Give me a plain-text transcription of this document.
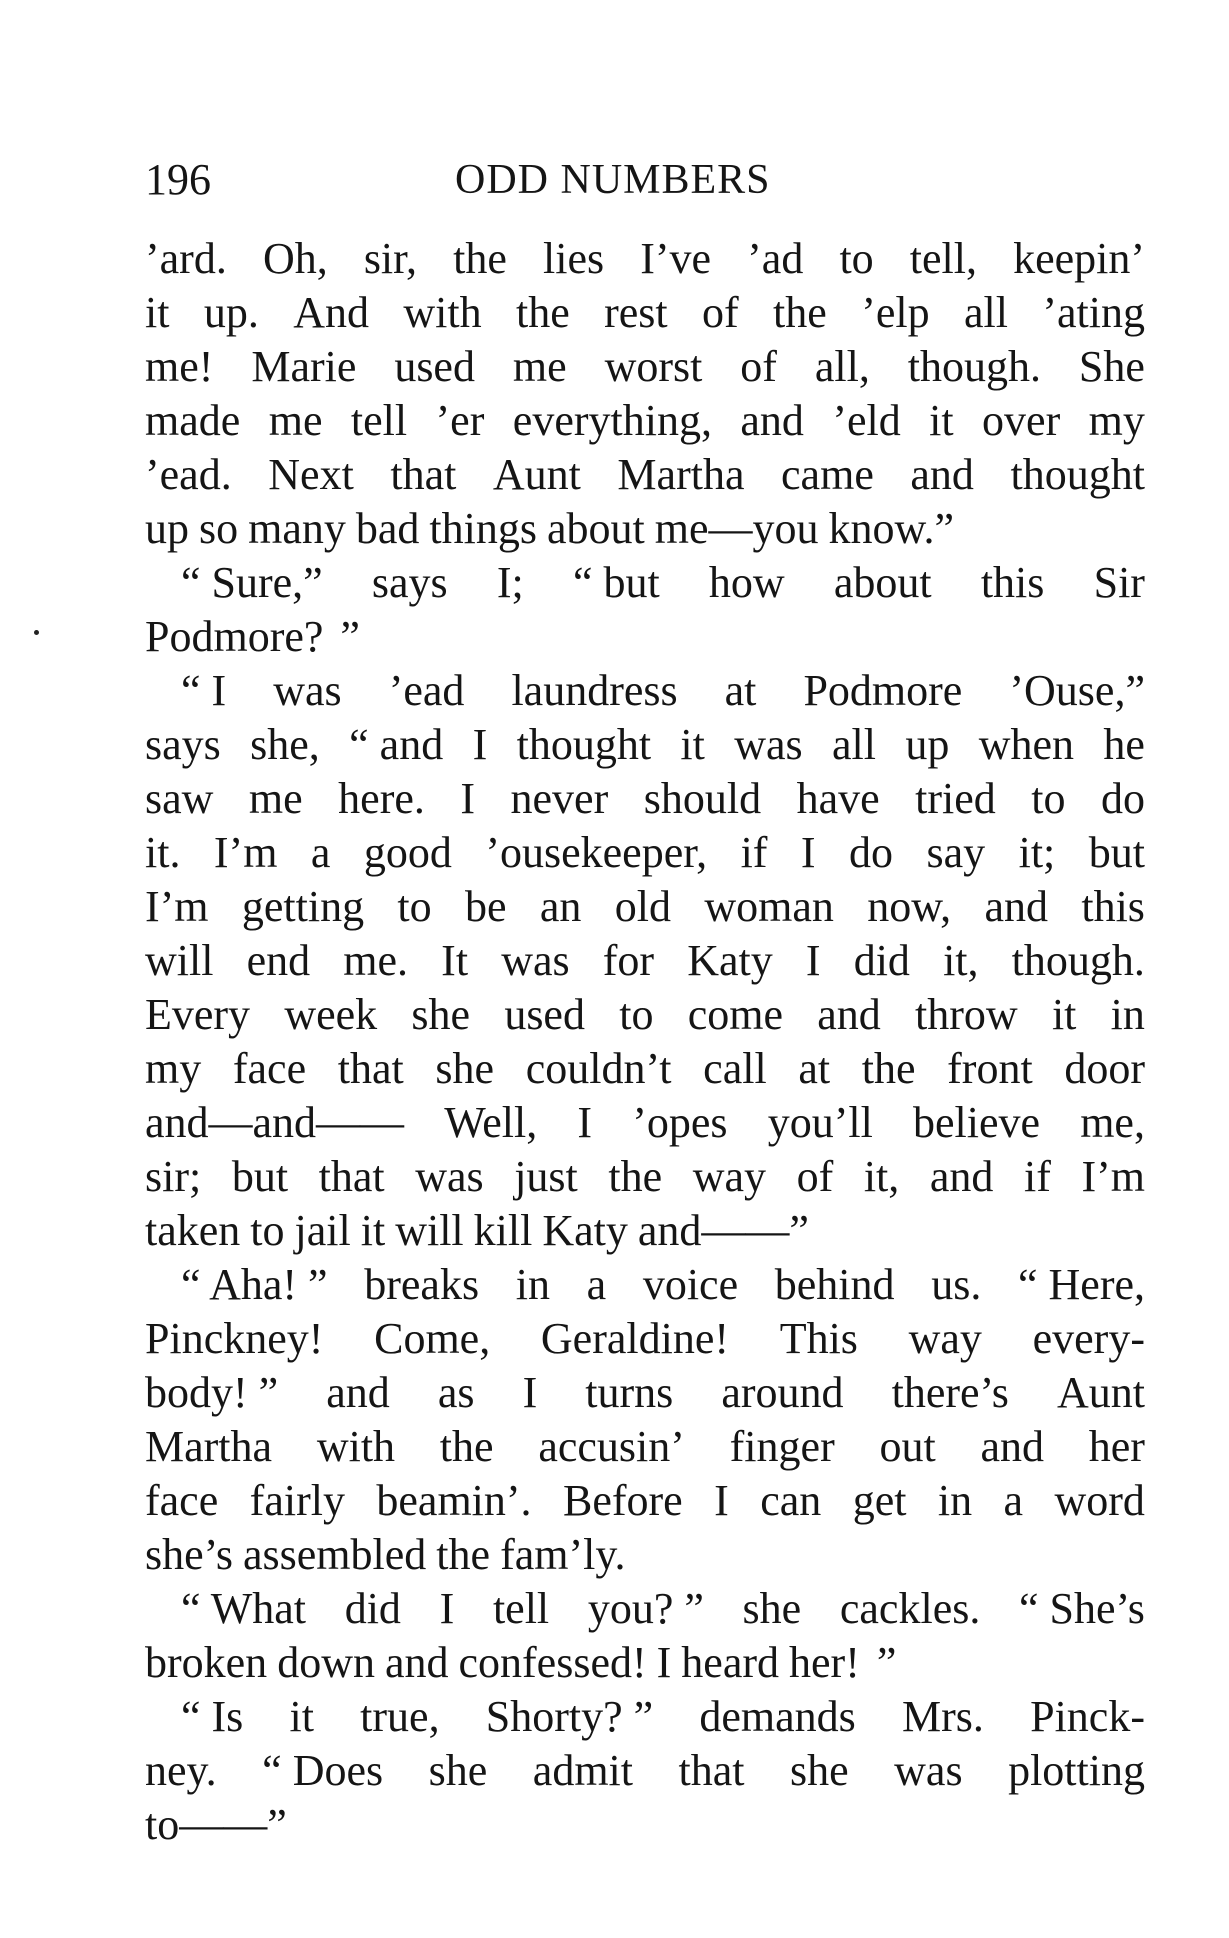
196	ODD NUMBERS
’ard. Oh, sir, the lies I’ve ’ad to tell, keepin’
it up. And with the rest of the ’elp all ’ating
me! Marie used me worst of all, though. She
made me tell ’er everything, and ’eld it over my
’ead. Next that Aunt Martha came and thought
up so many bad things about me—you know.”
“ Sure,” says I; “ but how about this Sir
Podmore? ”
“ I was ’ead laundress at Podmore ’Ouse,”
says she, “ and I thought it was all up when he
saw me here. I never should have tried to do
it. I’m a good ’ousekeeper, if I do say it; but
I’m getting to be an old woman now, and this
will end me. It was for Katy I did it, though.
Every week she used to come and throw it in
my face that she couldn’t call at the front door
and—and—— Well, I ’opes you’ll believe me,
sir; but that was just the way of it, and if I’m
taken to jail it will kill Katy and——”
“ Aha! ” breaks in a voice behind us. “ Here,
Pinckney! Come, Geraldine! This way every-
body! ” and as I turns around there’s Aunt
Martha with the accusin’ finger out and her
face fairly beamin’. Before I can get in a word
she’s assembled the fam’ly.
“ What did I tell you? ” she cackles. “ She’s
broken down and confessed! I heard her! ”
“ Is it true, Shorty? ” demands Mrs. Pinck-
ney. “ Does she admit that she was plotting
to——”
